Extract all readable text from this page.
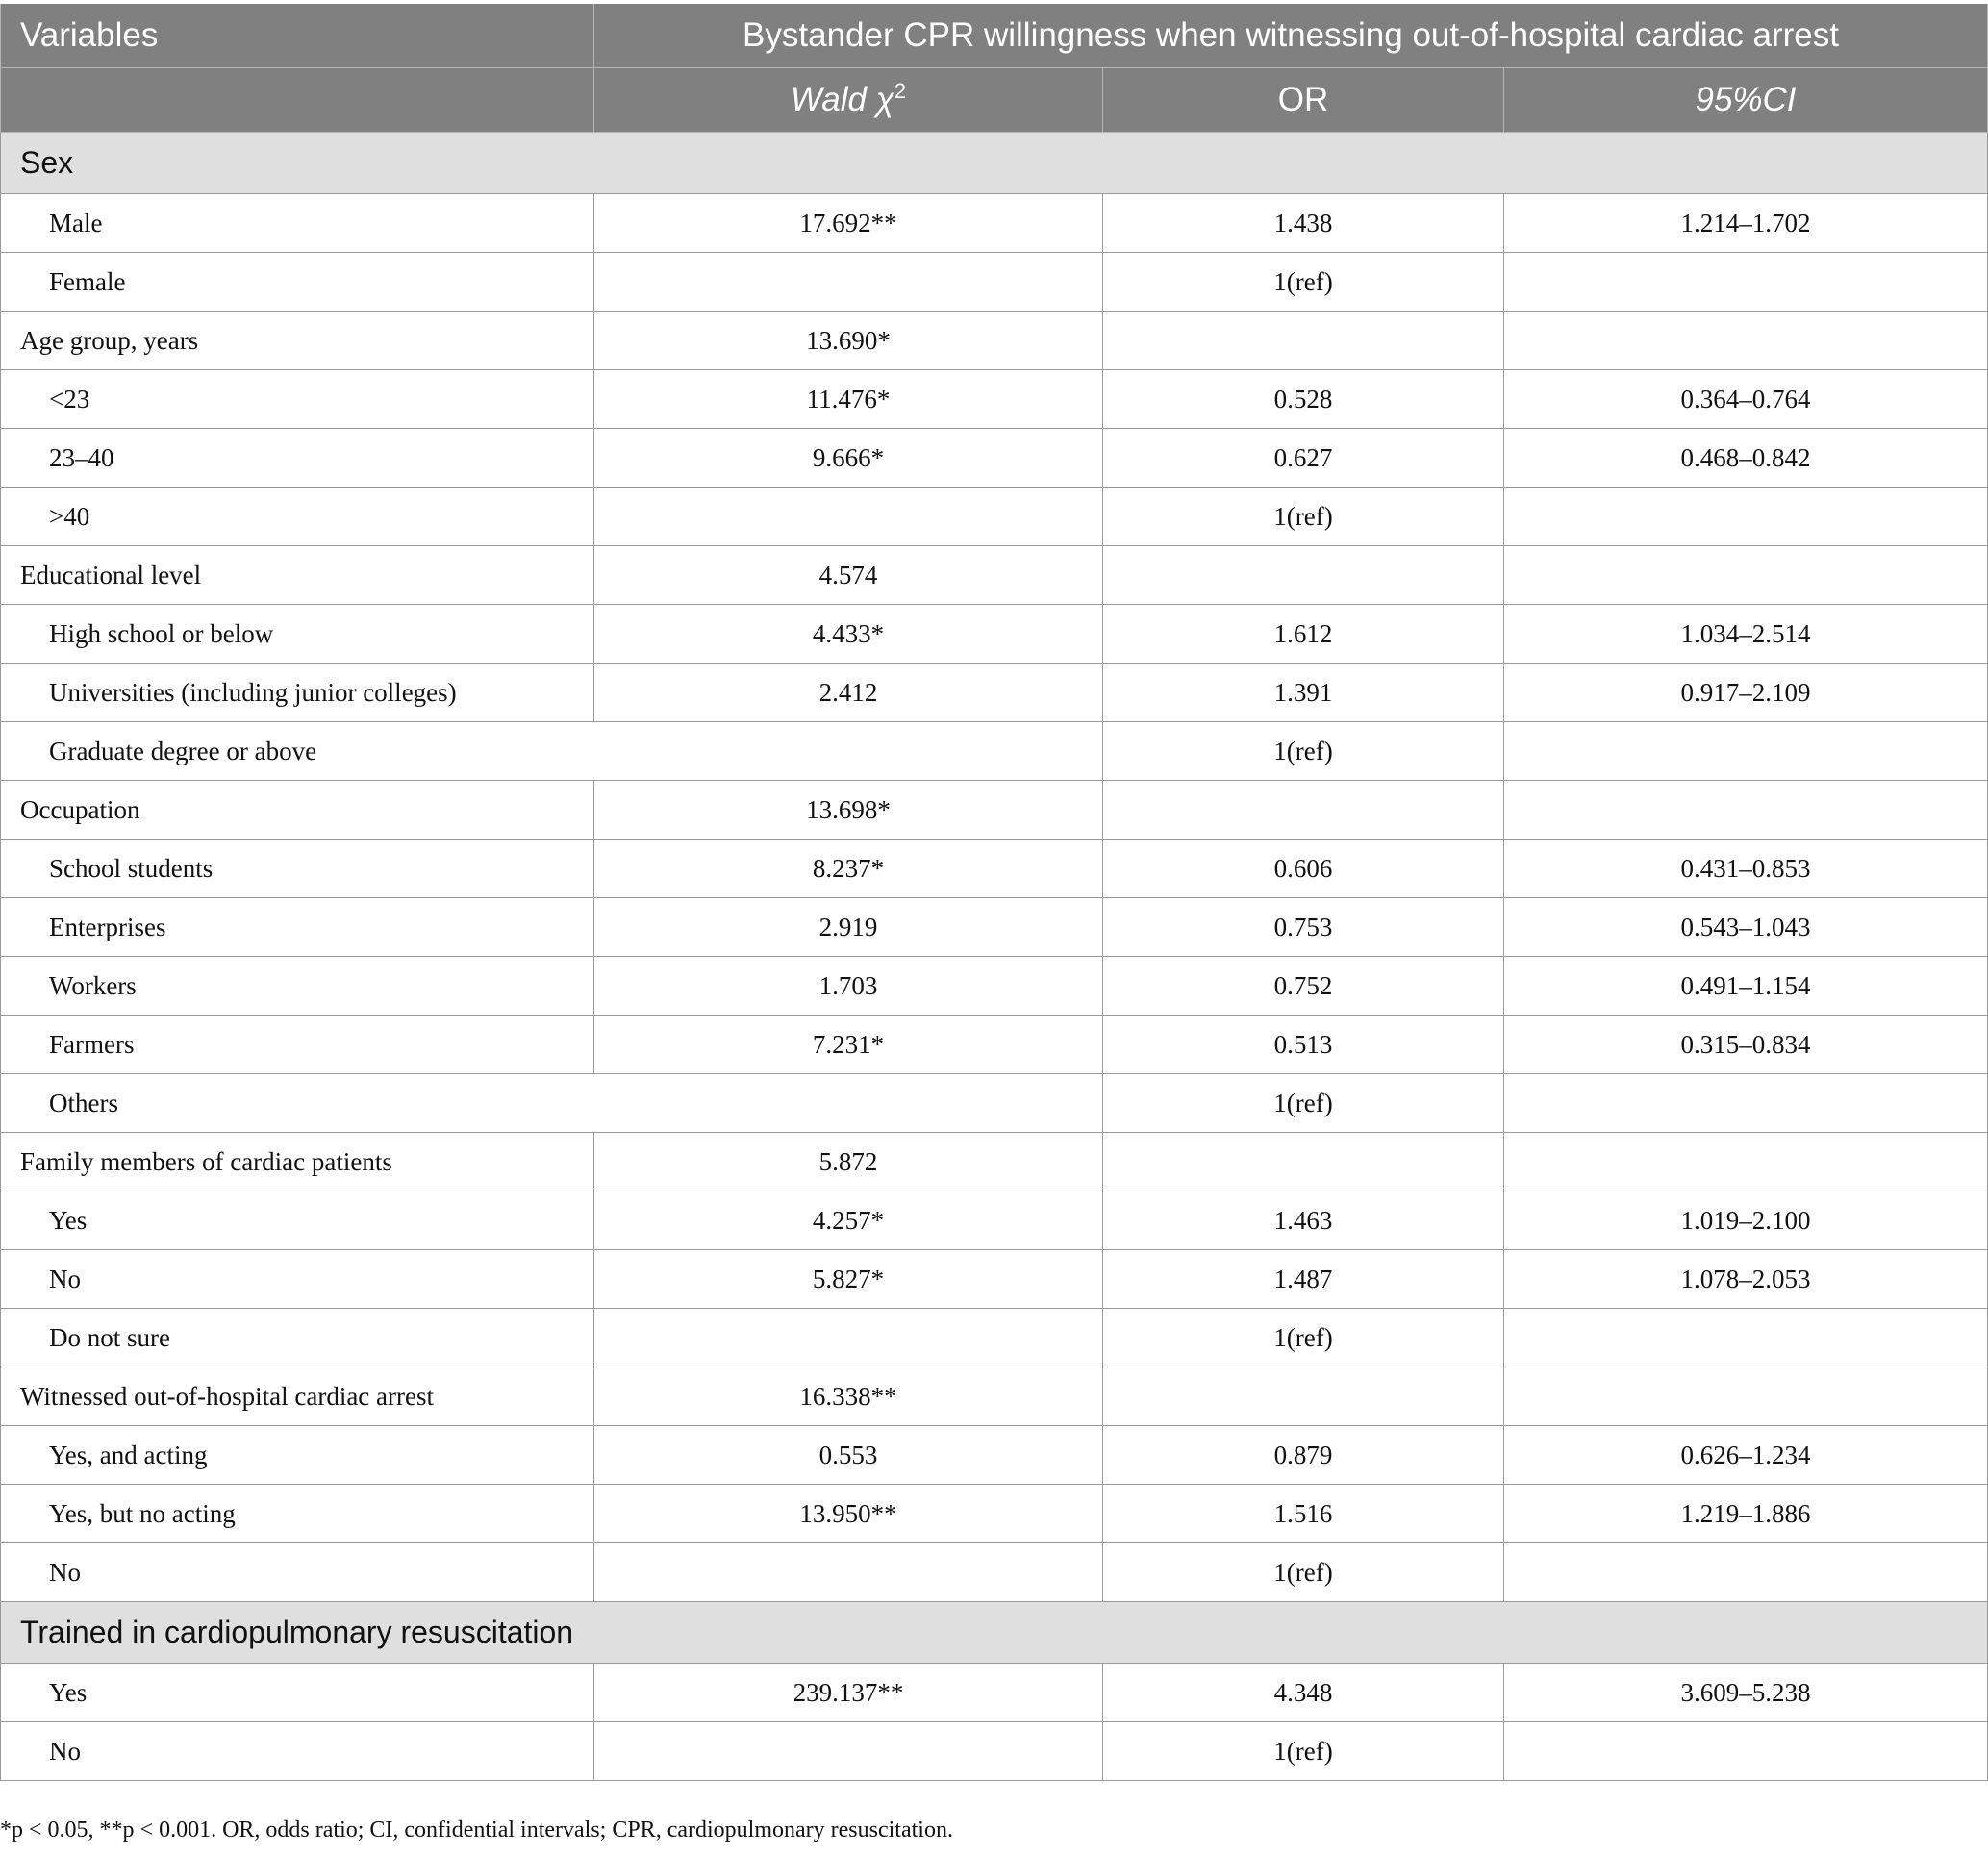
Variables	Bystander CPR willingness when witnessing out-of-hospital cardiac arrest		
	Wald $\chi^2$	OR	95%CI
Sex			
Male	17.692**	1.438	1.214–1.702
Female		1(ref)	
Age group, years	13.690*		
<23	11.476*	0.528	0.364–0.764
23–40	9.666*	0.627	0.468–0.842
>40		1(ref)	
Educational level	4.574		
High school or below	4.433*	1.612	1.034–2.514
Universities (including junior colleges)	2.412	1.391	0.917–2.109
Graduate degree or above		1(ref)	
Occupation	13.698*		
School students	8.237*	0.606	0.431–0.853
Enterprises	2.919	0.753	0.543–1.043
Workers	1.703	0.752	0.491–1.154
Farmers	7.231*	0.513	0.315–0.834
Others		1(ref)	
Family members of cardiac patients	5.872		
Yes	4.257*	1.463	1.019–2.100
No	5.827*	1.487	1.078–2.053
Do not sure		1(ref)	
Witnessed out-of-hospital cardiac arrest	16.338**		
Yes, and acting	0.553	0.879	0.626–1.234
Yes, but no acting	13.950**	1.516	1.219–1.886
No		1(ref)	
Trained in cardiopulmonary resuscitation			
Yes	239.137**	4.348	3.609–5.238
No		1(ref)	
*p < 0.05, **p < 0.001. OR, odds ratio; CI, confidential intervals; CPR, cardiopulmonary resuscitation.
